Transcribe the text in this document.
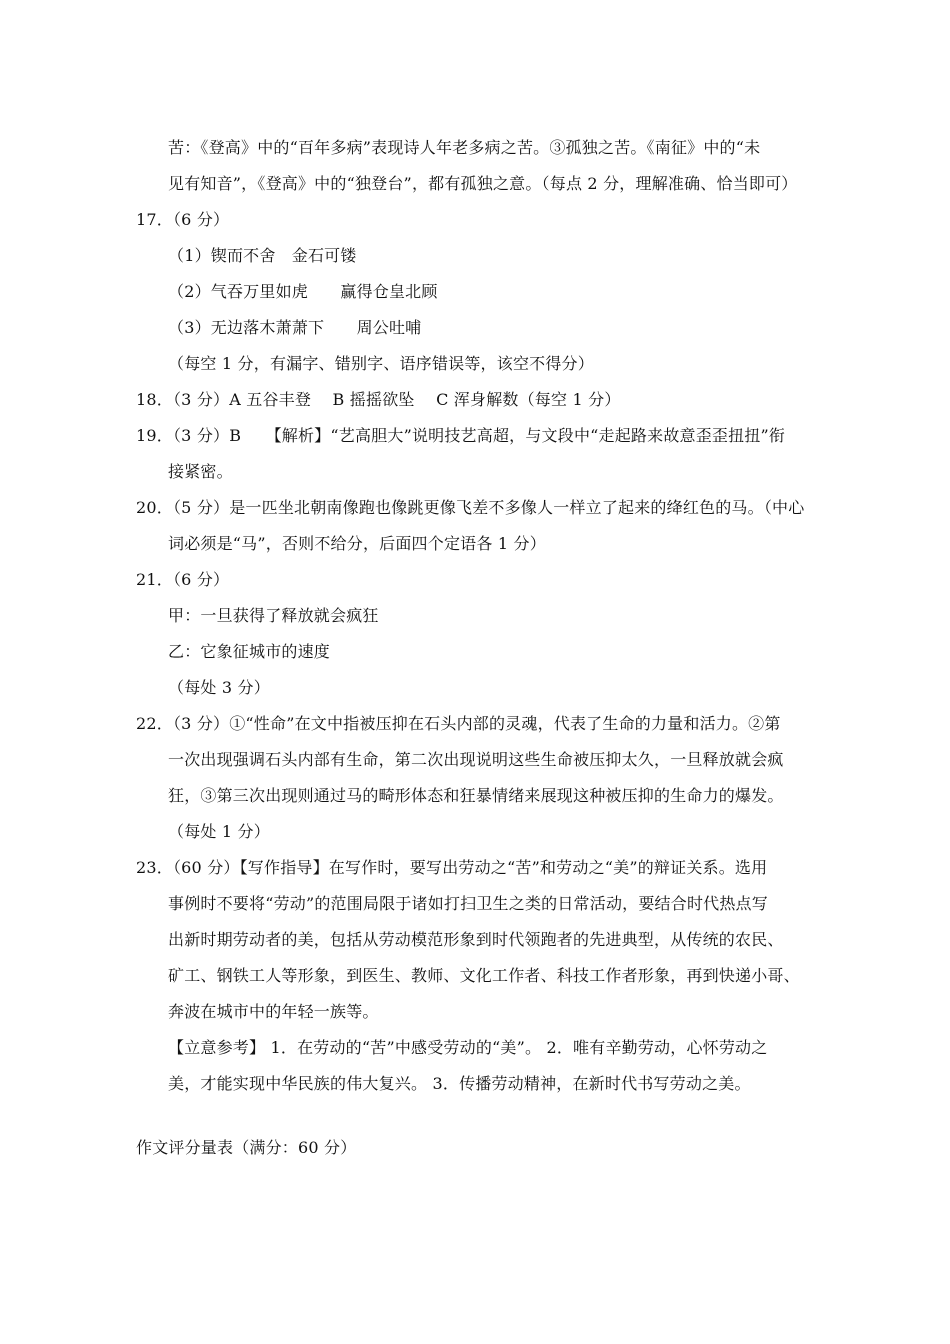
苦：《登高》中的“百年多病”表现诗人年老多病之苦。③孤独之苦。《南征》中的“未
见有知音”，《登高》中的“独登台”，都有孤独之意。（每点 2 分，理解准确、恰当即可）
17．（6 分）
（1）锲而不舍　金石可镂
（2）气吞万里如虎　　赢得仓皇北顾
（3）无边落木萧萧下　　周公吐哺
（每空 1 分，有漏字、错别字、语序错误等，该空不得分）
18．（3 分）A 五谷丰登　 B 摇摇欲坠　 C 浑身解数（每空 1 分）
19．（3 分）B　　【解析】“艺高胆大”说明技艺高超，与文段中“走起路来故意歪歪扭扭”衔
接紧密。
20．（5 分）是一匹坐北朝南像跑也像跳更像飞差不多像人一样立了起来的绛红色的马。（中心
词必须是“马”，否则不给分，后面四个定语各 1 分）
21．（6 分）
甲：一旦获得了释放就会疯狂
乙：它象征城市的速度
（每处 3 分）
22．（3 分）①“性命”在文中指被压抑在石头内部的灵魂，代表了生命的力量和活力。②第
一次出现强调石头内部有生命，第二次出现说明这些生命被压抑太久，一旦释放就会疯
狂，③第三次出现则通过马的畸形体态和狂暴情绪来展现这种被压抑的生命力的爆发。
（每处 1 分）
23．（60 分）【写作指导】在写作时，要写出劳动之“苦”和劳动之“美”的辩证关系。选用
事例时不要将“劳动”的范围局限于诸如打扫卫生之类的日常活动，要结合时代热点写
出新时期劳动者的美，包括从劳动模范形象到时代领跑者的先进典型，从传统的农民、
矿工、钢铁工人等形象，到医生、教师、文化工作者、科技工作者形象，再到快递小哥、
奔波在城市中的年轻一族等。
【立意参考】 1．在劳动的“苦”中感受劳动的“美”。 2．唯有辛勤劳动，心怀劳动之
美，才能实现中华民族的伟大复兴。 3．传播劳动精神，在新时代书写劳动之美。
作文评分量表（满分：60 分）
